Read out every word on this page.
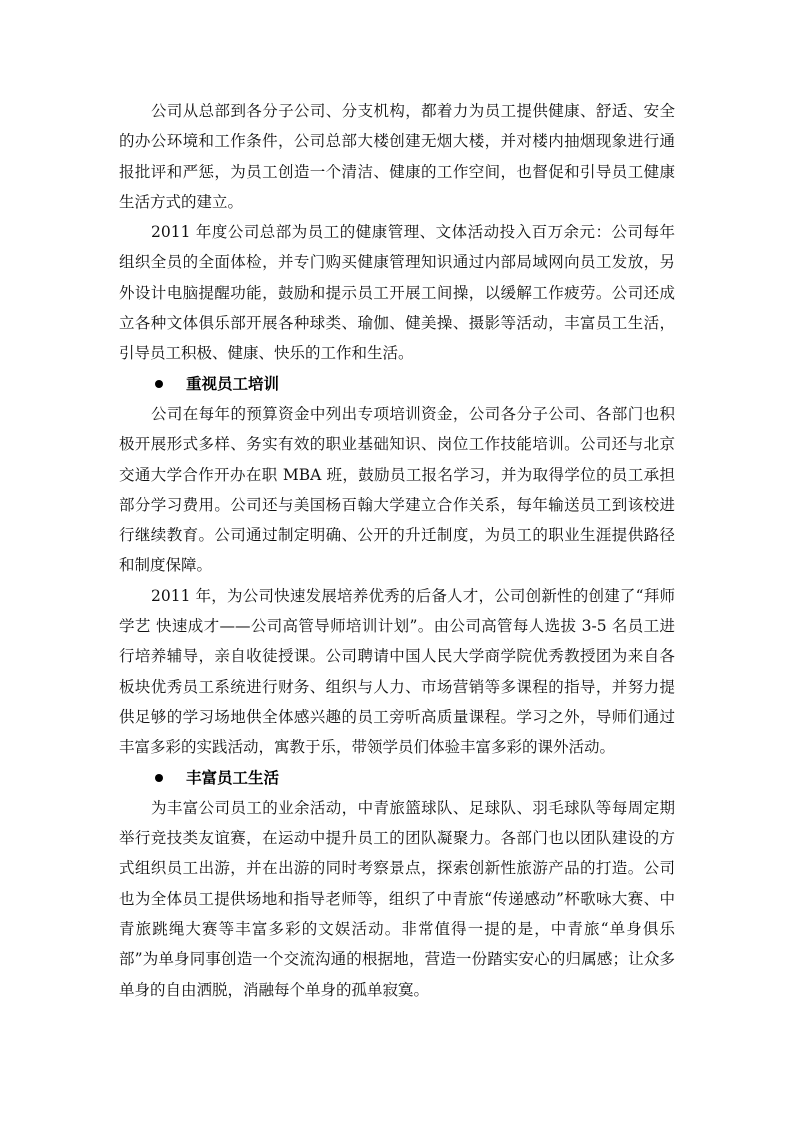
公司从总部到各分子公司、分支机构，都着力为员工提供健康、舒适、安全的办公环境和工作条件，公司总部大楼创建无烟大楼，并对楼内抽烟现象进行通报批评和严惩，为员工创造一个清洁、健康的工作空间，也督促和引导员工健康生活方式的建立。

2011 年度公司总部为员工的健康管理、文体活动投入百万余元：公司每年组织全员的全面体检，并专门购买健康管理知识通过内部局域网向员工发放，另外设计电脑提醒功能，鼓励和提示员工开展工间操，以缓解工作疲劳。公司还成立各种文体俱乐部开展各种球类、瑜伽、健美操、摄影等活动，丰富员工生活，引导员工积极、健康、快乐的工作和生活。

重视员工培训

公司在每年的预算资金中列出专项培训资金，公司各分子公司、各部门也积极开展形式多样、务实有效的职业基础知识、岗位工作技能培训。公司还与北京交通大学合作开办在职 MBA 班，鼓励员工报名学习，并为取得学位的员工承担部分学习费用。公司还与美国杨百翰大学建立合作关系，每年输送员工到该校进行继续教育。公司通过制定明确、公开的升迁制度，为员工的职业生涯提供路径和制度保障。

2011 年，为公司快速发展培养优秀的后备人才，公司创新性的创建了“拜师学艺 快速成才——公司高管导师培训计划”。由公司高管每人选拔 3-5 名员工进行培养辅导，亲自收徒授课。公司聘请中国人民大学商学院优秀教授团为来自各板块优秀员工系统进行财务、组织与人力、市场营销等多课程的指导，并努力提供足够的学习场地供全体感兴趣的员工旁听高质量课程。学习之外，导师们通过丰富多彩的实践活动，寓教于乐，带领学员们体验丰富多彩的课外活动。

丰富员工生活

为丰富公司员工的业余活动，中青旅篮球队、足球队、羽毛球队等每周定期举行竞技类友谊赛，在运动中提升员工的团队凝聚力。各部门也以团队建设的方式组织员工出游，并在出游的同时考察景点，探索创新性旅游产品的打造。公司也为全体员工提供场地和指导老师等，组织了中青旅“传递感动”杯歌咏大赛、中青旅跳绳大赛等丰富多彩的文娱活动。非常值得一提的是，中青旅“单身俱乐部”为单身同事创造一个交流沟通的根据地，营造一份踏实安心的归属感；让众多单身的自由洒脱，消融每个单身的孤单寂寞。
